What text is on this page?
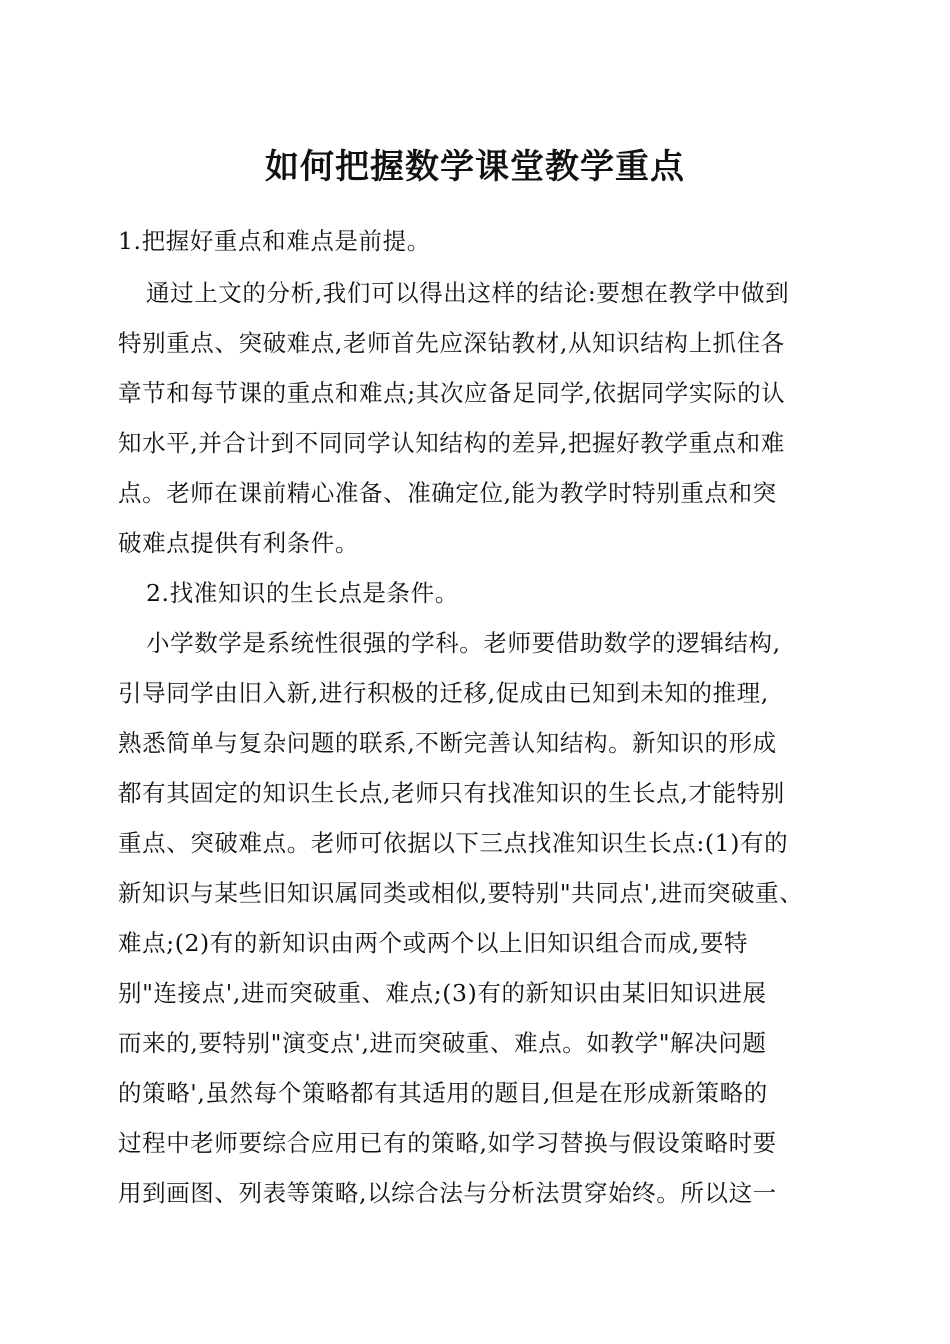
如何把握数学课堂教学重点

1.把握好重点和难点是前提。

通过上文的分析,我们可以得出这样的结论:要想在教学中做到

特别重点、突破难点,老师首先应深钻教材,从知识结构上抓住各

章节和每节课的重点和难点;其次应备足同学,依据同学实际的认

知水平,并合计到不同同学认知结构的差异,把握好教学重点和难

点。老师在课前精心准备、准确定位,能为教学时特别重点和突

破难点提供有利条件。

2.找准知识的生长点是条件。

小学数学是系统性很强的学科。老师要借助数学的逻辑结构,

引导同学由旧入新,进行积极的迁移,促成由已知到未知的推理,

熟悉简单与复杂问题的联系,不断完善认知结构。新知识的形成

都有其固定的知识生长点,老师只有找准知识的生长点,才能特别

重点、突破难点。老师可依据以下三点找准知识生长点:(1)有的

新知识与某些旧知识属同类或相似,要特别"共同点',进而突破重、

难点;(2)有的新知识由两个或两个以上旧知识组合而成,要特

别"连接点',进而突破重、难点;(3)有的新知识由某旧知识进展

而来的,要特别"演变点',进而突破重、难点。如教学"解决问题

的策略',虽然每个策略都有其适用的题目,但是在形成新策略的

过程中老师要综合应用已有的策略,如学习替换与假设策略时要

用到画图、列表等策略,以综合法与分析法贯穿始终。所以这一
